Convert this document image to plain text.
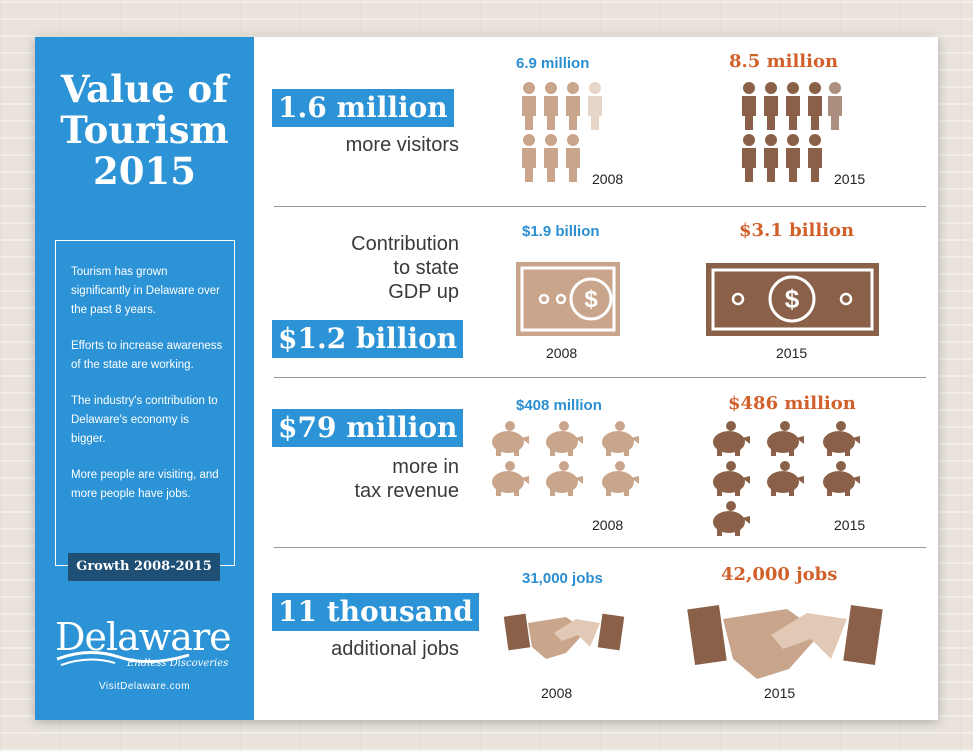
Value of
Tourism
2015

Tourism has grown significantly in Delaware over the past 8 years.

Efforts to increase awareness of the state are working.

The industry's contribution to Delaware's economy is bigger.

More people are visiting, and more people have jobs.

Growth 2008-2015
Delaware
Endless Discoveries
VisitDelaware.com
1.6 million
more visitors
6.9 million	8.5 million
2008	2015
Contribution
to state
GDP up
$1.2 billion
$1.9 billion	$3.1 billion
$	$
2008	2015
$79 million
more in
tax revenue
$408 million	$486 million
2008	2015
11 thousand
additional jobs
31,000 jobs	42,000 jobs
2008	2015
